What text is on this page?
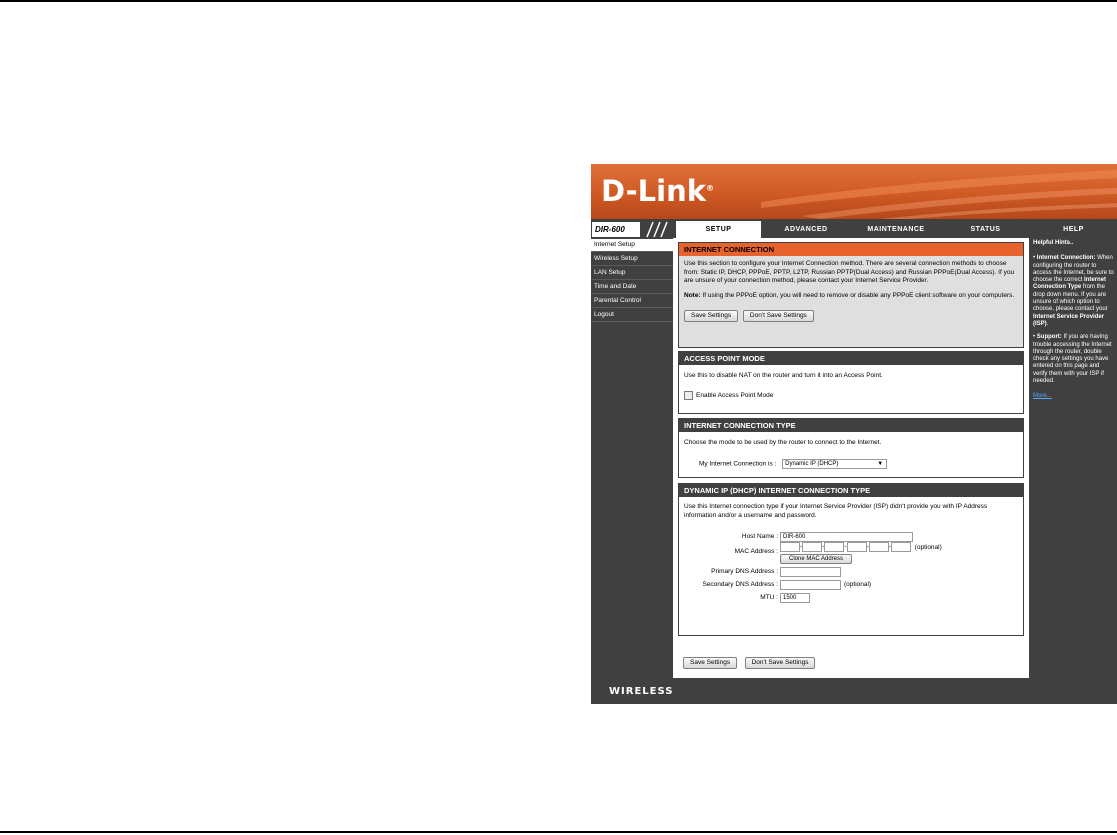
D-Link®
DIR-600	SETUP	ADVANCED	MAINTENANCE	STATUS	HELP
Internet Setup
Wireless Setup
LAN Setup
Time and Date
Parental Control
Logout
INTERNET CONNECTION
Use this section to configure your Internet Connection method. There are several connection methods to choose from: Static IP, DHCP, PPPoE, PPTP, L2TP, Russian PPTP(Dual Access) and Russian PPPoE(Dual Access). If you are unsure of your connection method, please contact your Internet Service Provider.
Note: If using the PPPoE option, you will need to remove or disable any PPPoE client software on your computers.
Save Settings	Don't Save Settings
ACCESS POINT MODE
Use this to disable NAT on the router and turn it into an Access Point.
Enable Access Point Mode
INTERNET CONNECTION TYPE
Choose the mode to be used by the router to connect to the Internet.
My Internet Connection is : Dynamic IP (DHCP)	▼
DYNAMIC IP (DHCP) INTERNET CONNECTION TYPE
Use this Internet connection type if your Internet Service Provider (ISP) didn't provide you with IP Address information and/or a username and password.
Host Name : DIR-600
MAC Address :
-	-	-	-	-	(optional)
Clone MAC Address
Primary DNS Address :
Secondary DNS Address :	(optional)
MTU : 1500
Save Settings	Don't Save Settings
Helpful Hints..

• Internet Connection: When configuring the router to access the Internet, be sure to choose the correct Internet Connection Type from the drop down menu. If you are unsure of which option to choose, please contact your Internet Service Provider (ISP).

• Support: If you are having trouble accessing the Internet through the router, double check any settings you have entered on this page and verify them with your ISP if needed.

More...

WIRELESS
